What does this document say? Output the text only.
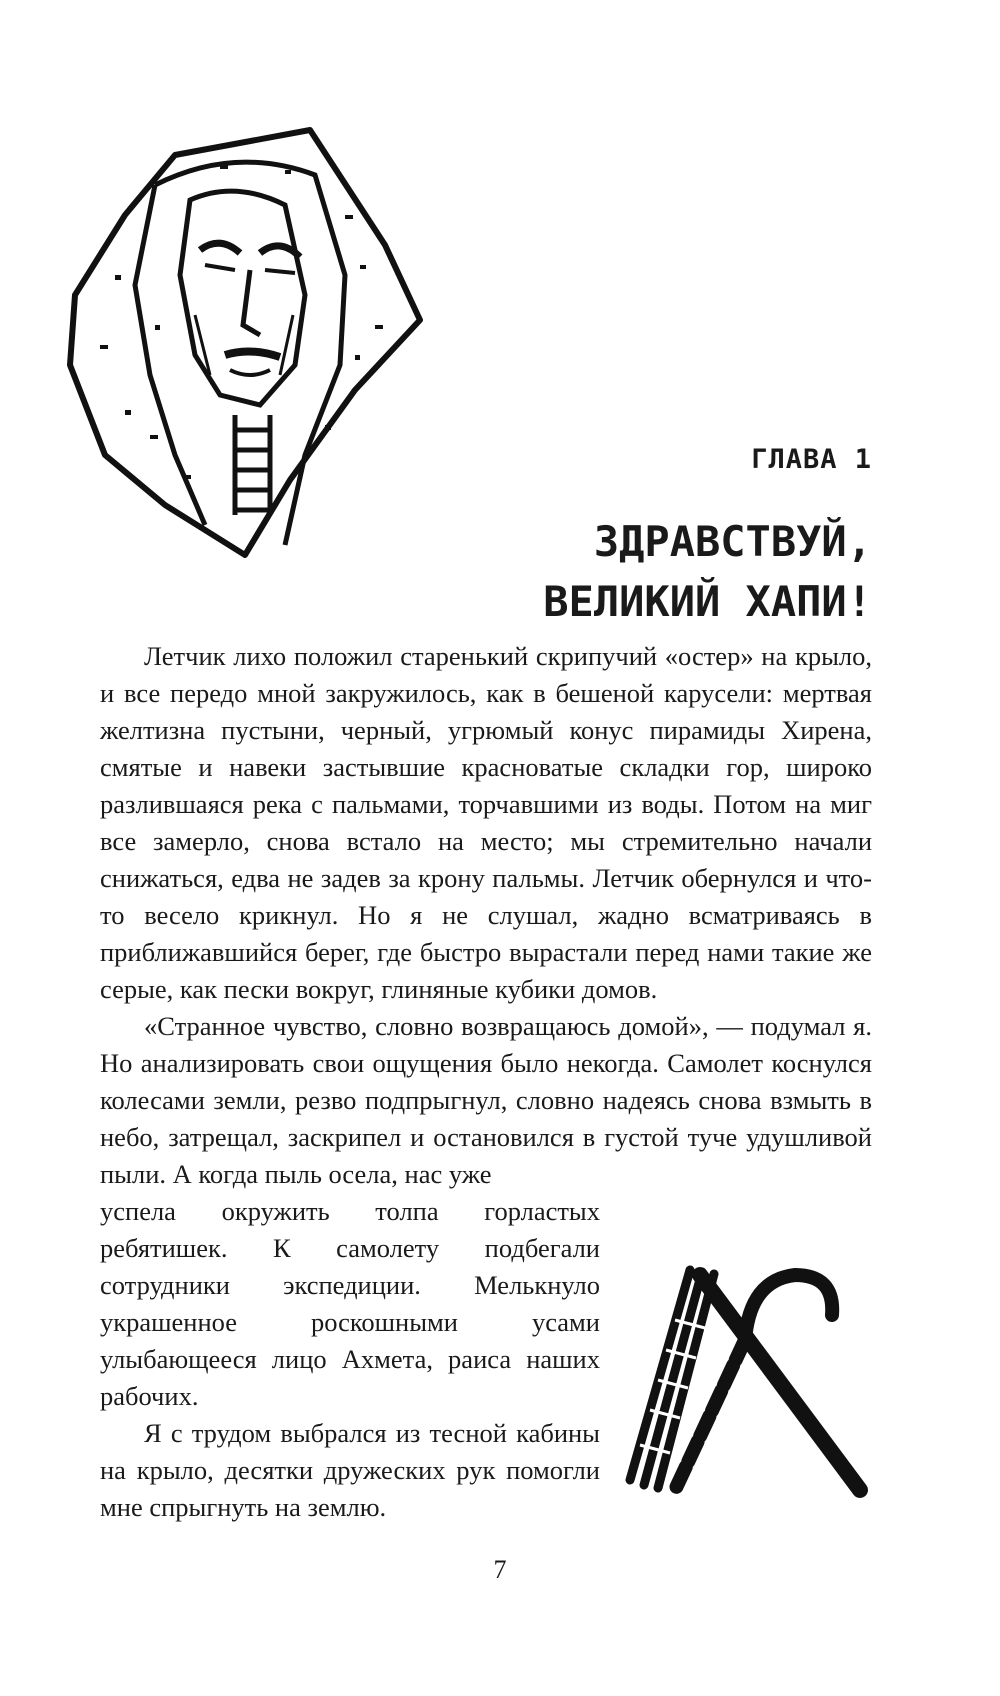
ГЛАВА 1

ЗДРАВСТВУЙ,
ВЕЛИКИЙ ХАПИ!

Летчик лихо положил старенький скрипучий «остер» на крыло, и все передо мной закружилось, как в бешеной карусели: мертвая желтизна пустыни, черный, угрюмый конус пирамиды Хирена, смятые и навеки застывшие красноватые складки гор, широко разлившаяся река с пальмами, торчавшими из воды. Потом на миг все замерло, снова встало на место; мы стремительно начали снижаться, едва не задев за крону пальмы. Летчик обернулся и что-то весело крикнул. Но я не слушал, жадно всматриваясь в приближавшийся берег, где быстро вырастали перед нами такие же серые, как пески вокруг, глиняные кубики домов.

«Странное чувство, словно возвращаюсь домой», — подумал я. Но анализировать свои ощущения было некогда. Самолет коснулся колесами земли, резво подпрыгнул, словно надеясь снова взмыть в небо, затрещал, заскрипел и остановился в густой туче удушливой пыли. А когда пыль осела, нас уже

успела окружить толпа горластых ребятишек. К самолету подбегали сотрудники экспедиции. Мелькнуло украшенное роскошными усами улыбающееся лицо Ахмета, раиса наших рабочих.

Я с трудом выбрался из тесной кабины на крыло, десятки дружеских рук помогли мне спрыгнуть на землю.

7
